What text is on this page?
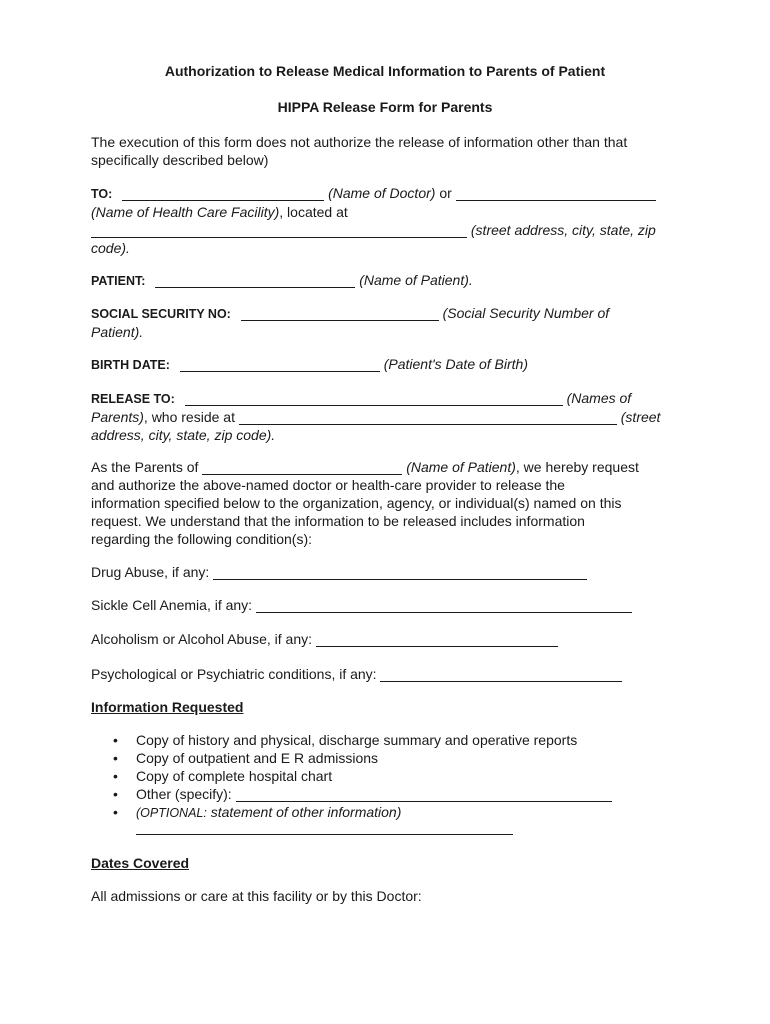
Authorization to Release Medical Information to Parents of Patient
HIPPA Release Form for Parents
The execution of this form does not authorize the release of information other than that specifically described below)
TO:	(Name of Doctor) or
(Name of Health Care Facility), located at
(street address, city, state, zip
code).
PATIENT:	(Name of Patient).
SOCIAL SECURITY NO:	(Social Security Number of
Patient).
BIRTH DATE:	(Patient's Date of Birth)
RELEASE TO:	(Names of
Parents), who reside at	(street
address, city, state, zip code).
As the Parents of	(Name of Patient), we hereby request
and authorize the above-named doctor or health-care provider to release the
information specified below to the organization, agency, or individual(s) named on this
request. We understand that the information to be released includes information
regarding the following condition(s):
Drug Abuse, if any:
Sickle Cell Anemia, if any:
Alcoholism or Alcohol Abuse, if any:
Psychological or Psychiatric conditions, if any:
Information Requested
• Copy of history and physical, discharge summary and operative reports
• Copy of outpatient and E R admissions
• Copy of complete hospital chart
• Other (specify):
• (OPTIONAL: statement of other information)
Dates Covered
All admissions or care at this facility or by this Doctor:
